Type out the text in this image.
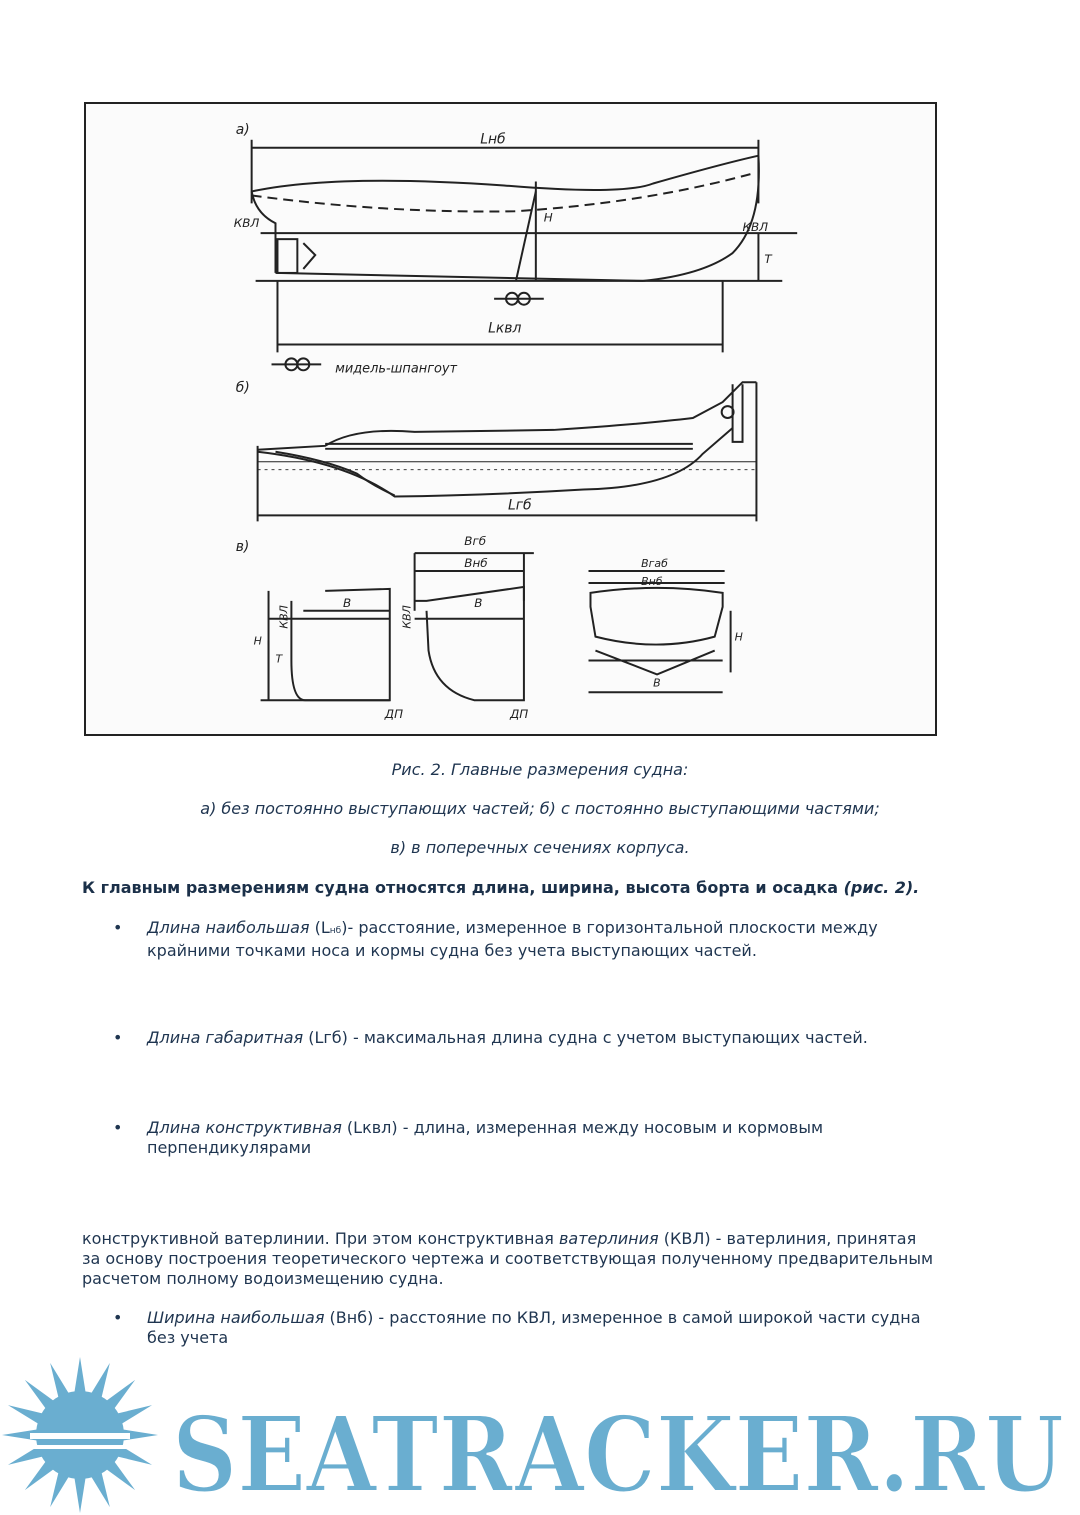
а)
Lнб
КВЛ	КВЛ
H
T
Lквл
мидель-шпангоут
б)
Lгб
в)	Bгб
Bнб
B	B
ДП	ДП
КВЛ	КВЛ
H
T
Bгаб
Bнб
H
B
Рис. 2. Главные размерения судна:
а) без постоянно выступающих частей; б) с постоянно выступающими частями;
в) в поперечных сечениях корпуса.
К главным размерениям судна относятся длина, ширина, высота борта и осадка (рис. 2).
•	Длина наибольшая (Lнб)- расстояние, измеренное в горизонтальной плоскости между
крайними точками носа и кормы судна без учета выступающих частей.
•	Длина габаритная (Lгб) - максимальная длина судна с учетом выступающих частей.
•	Длина конструктивная (Lквл) - длина, измеренная между носовым и кормовым
перпендикулярами
конструктивной ватерлинии. При этом конструктивная ватерлиния (КВЛ) - ватерлиния, принятая
за основу построения теоретического чертежа и соответствующая полученному предварительным
расчетом полному водоизмещению судна.
•	Ширина наибольшая (Внб) - расстояние по КВЛ, измеренное в самой широкой части судна
без учета
SEATRACKER.RU
